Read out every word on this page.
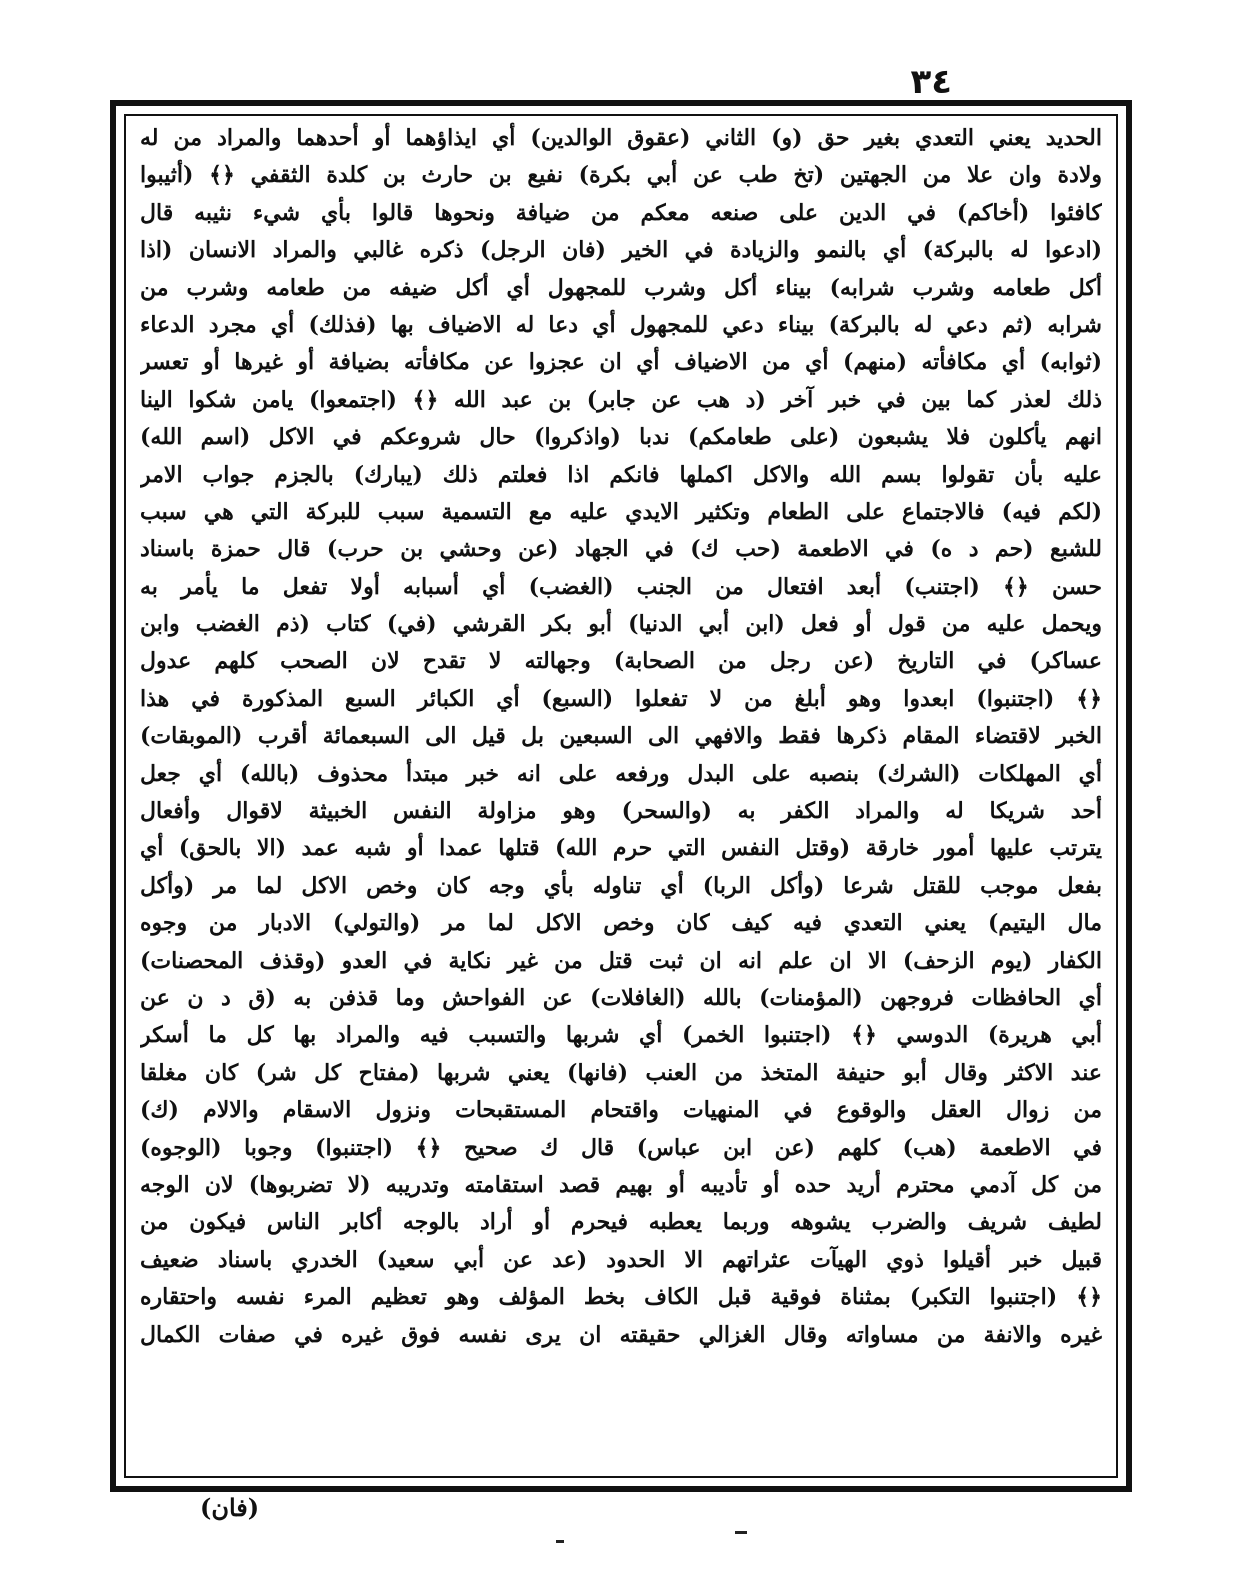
٣٤
الحديد يعني التعدي بغير حق (و) الثاني (عقوق الوالدين) أي ايذاؤهما أو أحدهما والمراد من له
ولادة وان علا من الجهتين (تخ طب عن أبي بكرة) نفيع بن حارث بن كلدة الثقفي ﴿﴾ (أثيبوا
كافئوا (أخاكم) في الدين على صنعه معكم من ضيافة ونحوها قالوا بأي شيء نثيبه قال
(ادعوا له بالبركة) أي بالنمو والزيادة في الخير (فان الرجل) ذكره غالبي والمراد الانسان (اذا
أكل طعامه وشرب شرابه) بيناء أكل وشرب للمجهول أي أكل ضيفه من طعامه وشرب من
شرابه (ثم دعي له بالبركة) بيناء دعي للمجهول أي دعا له الاضياف بها (فذلك) أي مجرد الدعاء
(ثوابه) أي مكافأته (منهم) أي من الاضياف أي ان عجزوا عن مكافأته بضيافة أو غيرها أو تعسر
ذلك لعذر كما بين في خبر آخر (د هب عن جابر) بن عبد الله ﴿﴾ (اجتمعوا) يامن شكوا الينا
انهم يأكلون فلا يشبعون (على طعامكم) ندبا (واذكروا) حال شروعكم في الاكل (اسم الله)
عليه بأن تقولوا بسم الله والاكل اكملها فانكم اذا فعلتم ذلك (يبارك) بالجزم جواب الامر
(لكم فيه) فالاجتماع على الطعام وتكثير الايدي عليه مع التسمية سبب للبركة التي هي سبب
للشبع (حم د ه) في الاطعمة (حب ك) في الجهاد (عن وحشي بن حرب) قال حمزة باسناد
حسن ﴿﴾ (اجتنب) أبعد افتعال من الجنب (الغضب) أي أسبابه أولا تفعل ما يأمر به
ويحمل عليه من قول أو فعل (ابن أبي الدنيا) أبو بكر القرشي (في) كتاب (ذم الغضب وابن
عساكر) في التاريخ (عن رجل من الصحابة) وجهالته لا تقدح لان الصحب كلهم عدول
﴿﴾ (اجتنبوا) ابعدوا وهو أبلغ من لا تفعلوا (السبع) أي الكبائر السبع المذكورة في هذا
الخبر لاقتضاء المقام ذكرها فقط والافهي الى السبعين بل قيل الى السبعمائة أقرب (الموبقات)
أي المهلكات (الشرك) بنصبه على البدل ورفعه على انه خبر مبتدأ محذوف (بالله) أي جعل
أحد شريكا له والمراد الكفر به (والسحر) وهو مزاولة النفس الخبيثة لاقوال وأفعال
يترتب عليها أمور خارقة (وقتل النفس التي حرم الله) قتلها عمدا أو شبه عمد (الا بالحق) أي
بفعل موجب للقتل شرعا (وأكل الربا) أي تناوله بأي وجه كان وخص الاكل لما مر (وأكل
مال اليتيم) يعني التعدي فيه كيف كان وخص الاكل لما مر (والتولي) الادبار من وجوه
الكفار (يوم الزحف) الا ان علم انه ان ثبت قتل من غير نكاية في العدو (وقذف المحصنات)
أي الحافظات فروجهن (المؤمنات) بالله (الغافلات) عن الفواحش وما قذفن به (ق د ن عن
أبي هريرة) الدوسي ﴿﴾ (اجتنبوا الخمر) أي شربها والتسبب فيه والمراد بها كل ما أسكر
عند الاكثر وقال أبو حنيفة المتخذ من العنب (فانها) يعني شربها (مفتاح كل شر) كان مغلقا
من زوال العقل والوقوع في المنهيات واقتحام المستقبحات ونزول الاسقام والالام (ك)
في الاطعمة (هب) كلهم (عن ابن عباس) قال ك صحيح ﴿﴾ (اجتنبوا) وجوبا (الوجوه)
من كل آدمي محترم أريد حده أو تأديبه أو بهيم قصد استقامته وتدريبه (لا تضربوها) لان الوجه
لطيف شريف والضرب يشوهه وربما يعطبه فيحرم أو أراد بالوجه أكابر الناس فيكون من
قبيل خبر أقيلوا ذوي الهيآت عثراتهم الا الحدود (عد عن أبي سعيد) الخدري باسناد ضعيف
﴿﴾ (اجتنبوا التكبر) بمثناة فوقية قبل الكاف بخط المؤلف وهو تعظيم المرء نفسه واحتقاره
غيره والانفة من مساواته وقال الغزالي حقيقته ان يرى نفسه فوق غيره في صفات الكمال
(فان)
